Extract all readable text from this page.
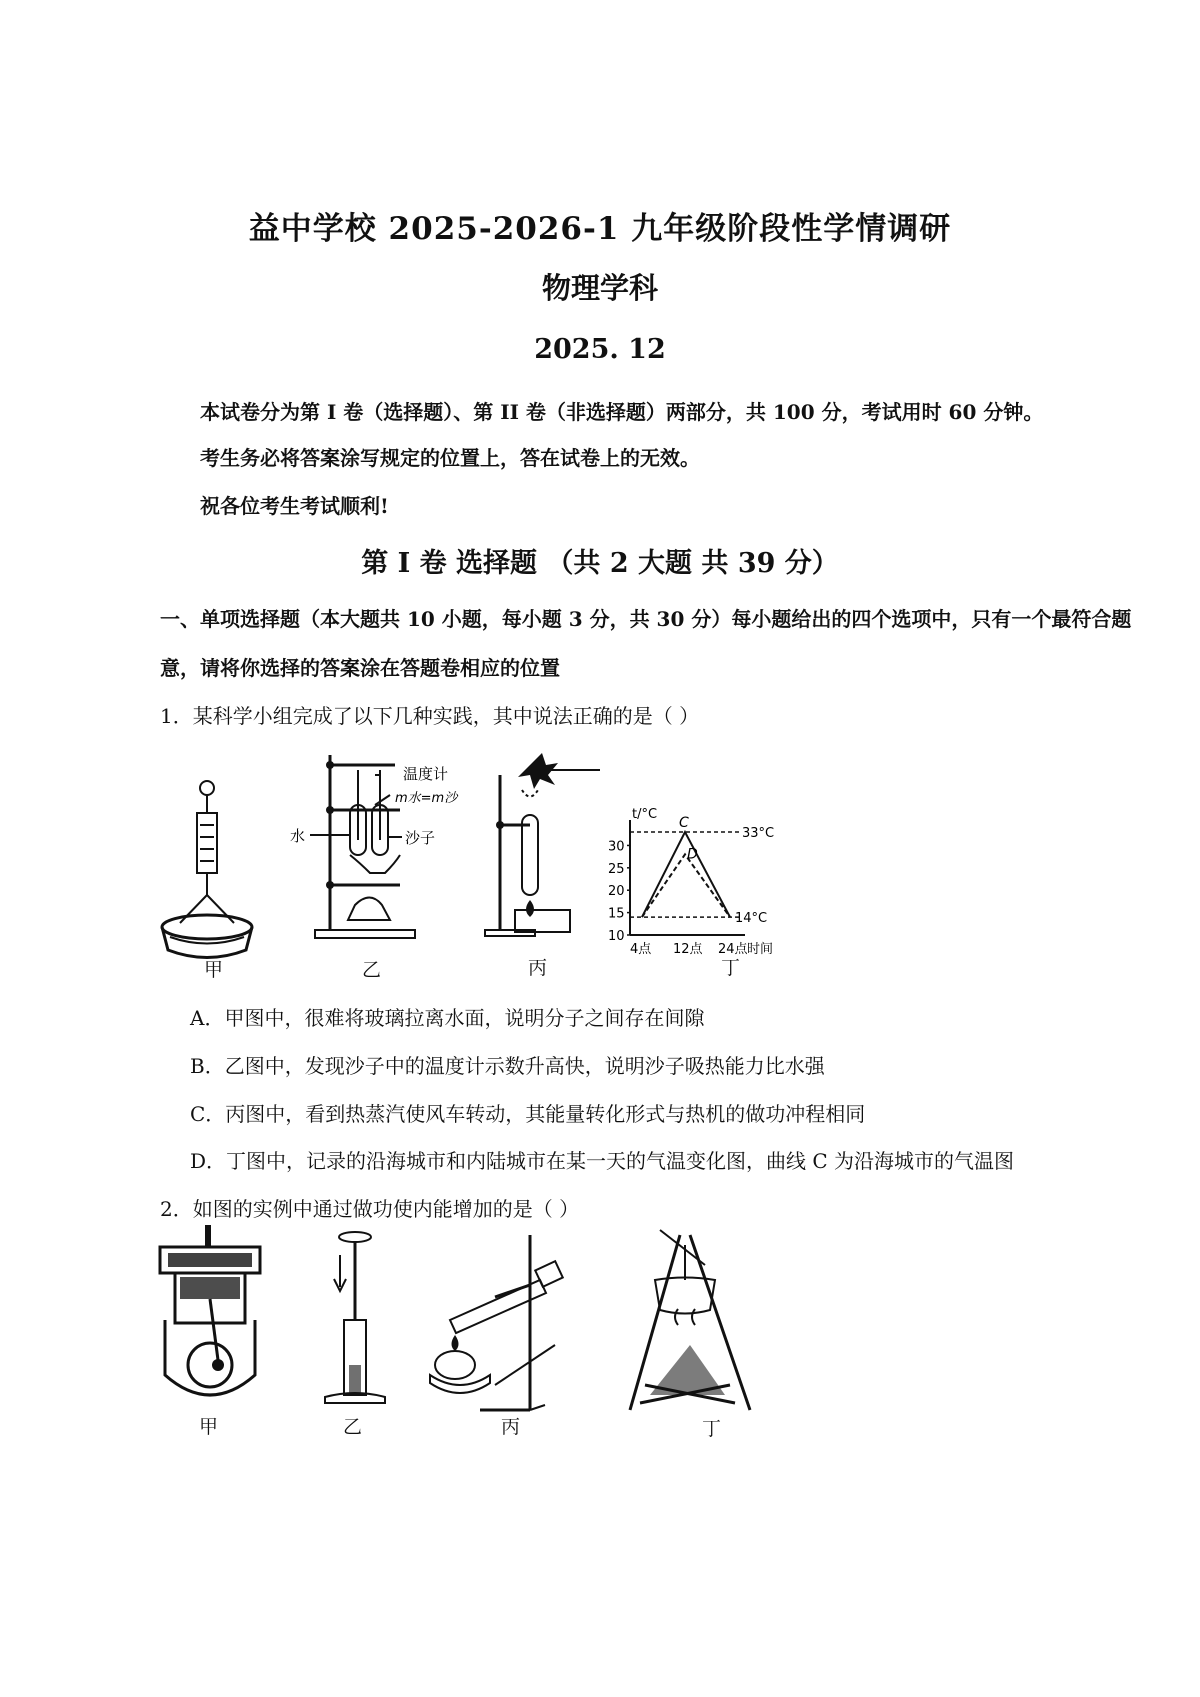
益中学校 2025-2026-1 九年级阶段性学情调研
物理学科
2025. 12
本试卷分为第 I 卷（选择题）、第 II 卷（非选择题）两部分，共 100 分，考试用时 60 分钟。
考生务必将答案涂写规定的位置上，答在试卷上的无效。
祝各位考生考试顺利!
第 I 卷 选择题 （共 2 大题 共 39 分）
一、单项选择题（本大题共 10 小题，每小题 3 分，共 30 分）每小题给出的四个选项中，只有一个最符合题
意，请将你选择的答案涂在答题卷相应的位置
1．某科学小组完成了以下几种实践，其中说法正确的是（ ）
温度计
m水=m沙
水	沙子
t/°C
时间
30
25
20
15
10
4点 12点 24点
33°C
14°C
C
D
甲	乙	丙	丁
A．甲图中，很难将玻璃拉离水面，说明分子之间存在间隙
B．乙图中，发现沙子中的温度计示数升高快，说明沙子吸热能力比水强
C．丙图中，看到热蒸汽使风车转动，其能量转化形式与热机的做功冲程相同
D．丁图中，记录的沿海城市和内陆城市在某一天的气温变化图，曲线 C 为沿海城市的气温图
2．如图的实例中通过做功使内能增加的是（ ）
甲	乙	丙	丁
